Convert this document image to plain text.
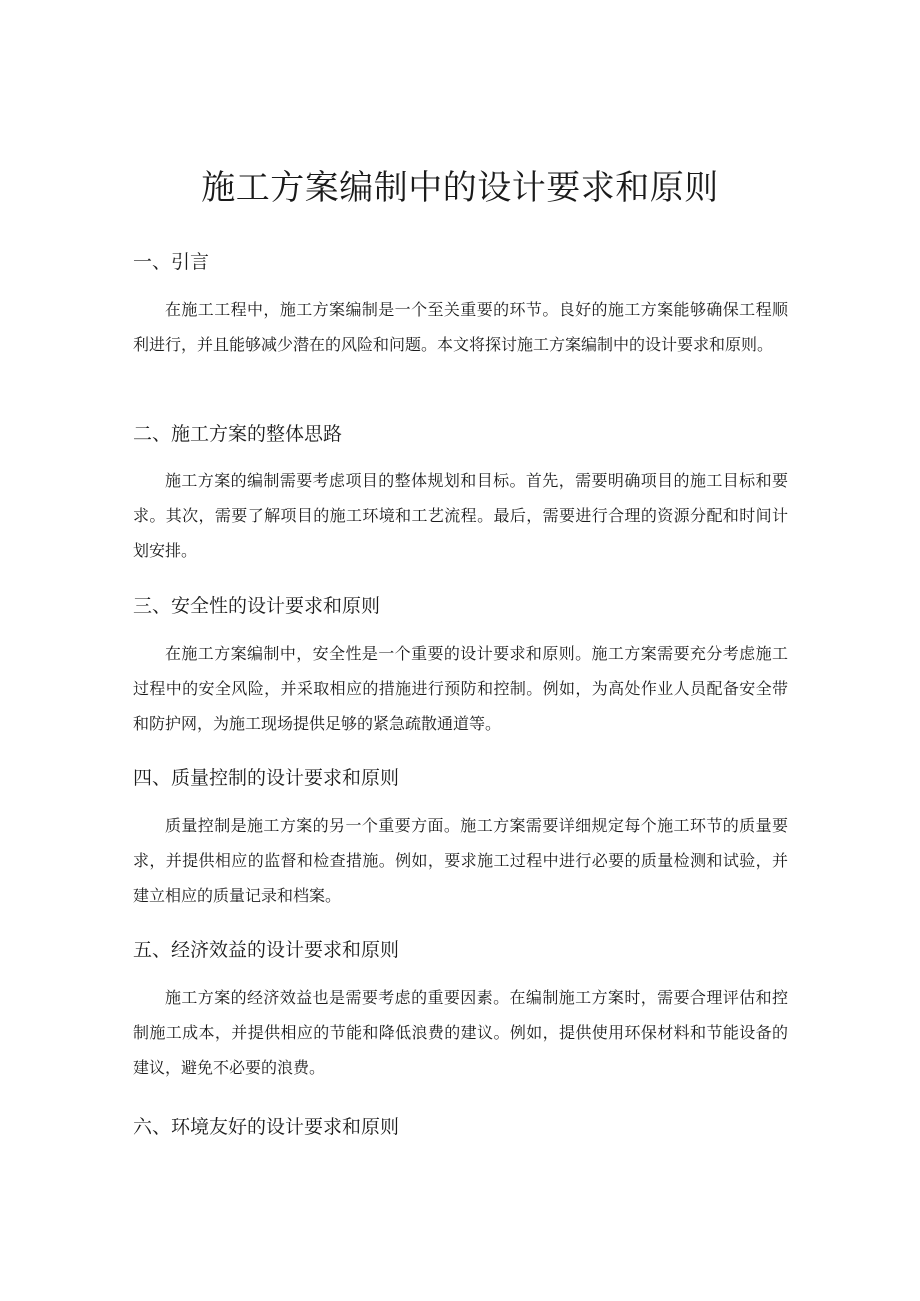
施工方案编制中的设计要求和原则
一、引言

在施工工程中，施工方案编制是一个至关重要的环节。良好的施工方案能够确保工程顺利进行，并且能够减少潜在的风险和问题。本文将探讨施工方案编制中的设计要求和原则。

二、施工方案的整体思路

施工方案的编制需要考虑项目的整体规划和目标。首先，需要明确项目的施工目标和要求。其次，需要了解项目的施工环境和工艺流程。最后，需要进行合理的资源分配和时间计划安排。

三、安全性的设计要求和原则

在施工方案编制中，安全性是一个重要的设计要求和原则。施工方案需要充分考虑施工过程中的安全风险，并采取相应的措施进行预防和控制。例如，为高处作业人员配备安全带和防护网，为施工现场提供足够的紧急疏散通道等。

四、质量控制的设计要求和原则

质量控制是施工方案的另一个重要方面。施工方案需要详细规定每个施工环节的质量要求，并提供相应的监督和检查措施。例如，要求施工过程中进行必要的质量检测和试验，并建立相应的质量记录和档案。

五、经济效益的设计要求和原则

施工方案的经济效益也是需要考虑的重要因素。在编制施工方案时，需要合理评估和控制施工成本，并提供相应的节能和降低浪费的建议。例如，提供使用环保材料和节能设备的建议，避免不必要的浪费。

六、环境友好的设计要求和原则
